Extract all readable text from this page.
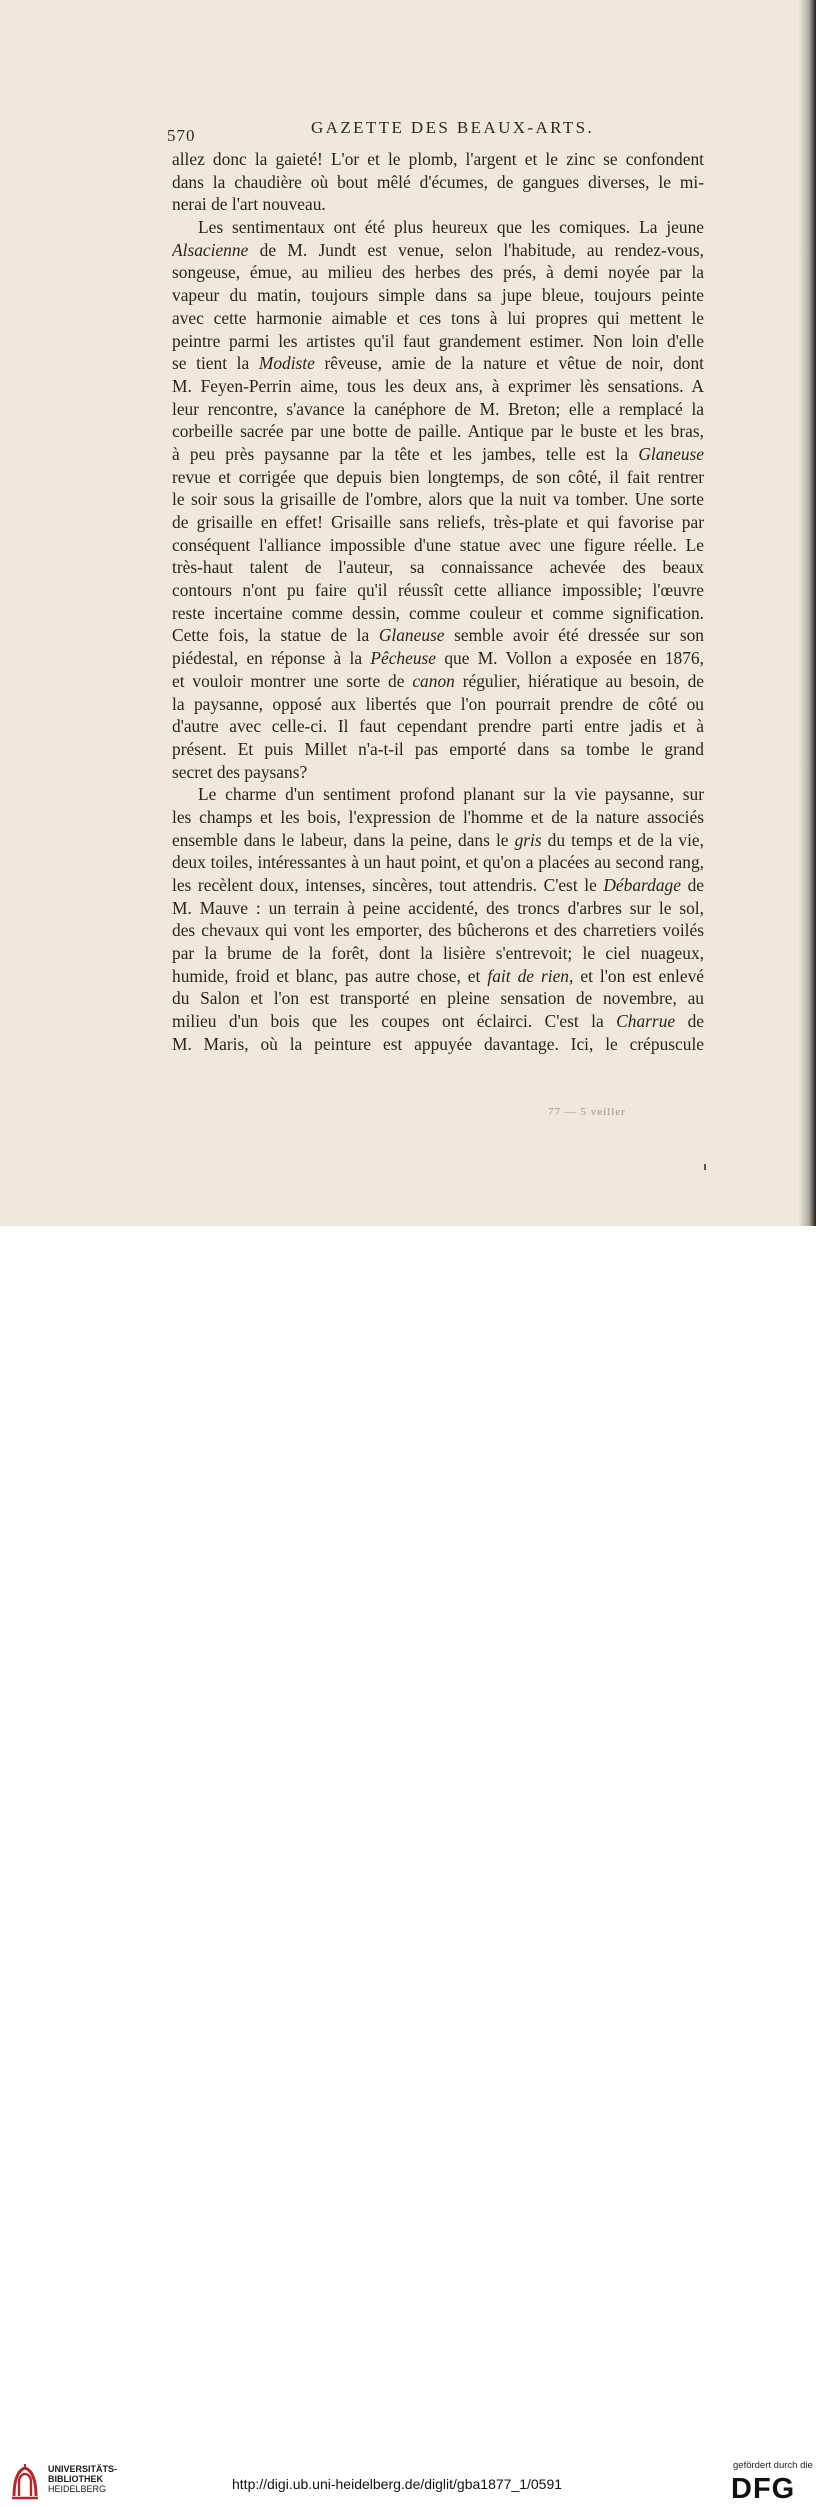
570	GAZETTE DES BEAUX-ARTS.
allez donc la gaieté! L'or et le plomb, l'argent et le zinc se confondent
dans la chaudière où bout mêlé d'écumes, de gangues diverses, le mi-
nerai de l'art nouveau.
Les sentimentaux ont été plus heureux que les comiques. La jeune
Alsacienne de M. Jundt est venue, selon l'habitude, au rendez-vous,
songeuse, émue, au milieu des herbes des prés, à demi noyée par la
vapeur du matin, toujours simple dans sa jupe bleue, toujours peinte
avec cette harmonie aimable et ces tons à lui propres qui mettent le
peintre parmi les artistes qu'il faut grandement estimer. Non loin d'elle
se tient la Modiste rêveuse, amie de la nature et vêtue de noir, dont
M. Feyen-Perrin aime, tous les deux ans, à exprimer lès sensations. A
leur rencontre, s'avance la canéphore de M. Breton; elle a remplacé la
corbeille sacrée par une botte de paille. Antique par le buste et les bras,
à peu près paysanne par la tête et les jambes, telle est la Glaneuse
revue et corrigée que depuis bien longtemps, de son côté, il fait rentrer
le soir sous la grisaille de l'ombre, alors que la nuit va tomber. Une sorte
de grisaille en effet! Grisaille sans reliefs, très-plate et qui favorise par
conséquent l'alliance impossible d'une statue avec une figure réelle. Le
très-haut talent de l'auteur, sa connaissance achevée des beaux
contours n'ont pu faire qu'il réussît cette alliance impossible; l'œuvre
reste incertaine comme dessin, comme couleur et comme signification.
Cette fois, la statue de la Glaneuse semble avoir été dressée sur son
piédestal, en réponse à la Pêcheuse que M. Vollon a exposée en 1876,
et vouloir montrer une sorte de canon régulier, hiératique au besoin, de
la paysanne, opposé aux libertés que l'on pourrait prendre de côté ou
d'autre avec celle-ci. Il faut cependant prendre parti entre jadis et à
présent. Et puis Millet n'a-t-il pas emporté dans sa tombe le grand
secret des paysans?
Le charme d'un sentiment profond planant sur la vie paysanne, sur
les champs et les bois, l'expression de l'homme et de la nature associés
ensemble dans le labeur, dans la peine, dans le gris du temps et de la vie,
deux toiles, intéressantes à un haut point, et qu'on a placées au second rang,
les recèlent doux, intenses, sincères, tout attendris. C'est le Débardage de
M. Mauve : un terrain à peine accidenté, des troncs d'arbres sur le sol,
des chevaux qui vont les emporter, des bûcherons et des charretiers voilés
par la brume de la forêt, dont la lisière s'entrevoit; le ciel nuageux,
humide, froid et blanc, pas autre chose, et fait de rien, et l'on est enlevé
du Salon et l'on est transporté en pleine sensation de novembre, au
milieu d'un bois que les coupes ont éclairci. C'est la Charrue de
M. Maris, où la peinture est appuyée davantage. Ici, le crépuscule
77 — 5 veiller
UNIVERSITÄTS-
BIBLIOTHEK
HEIDELBERG	http://digi.ub.uni-heidelberg.de/diglit/gba1877_1/0591
gefördert durch die
DFG
